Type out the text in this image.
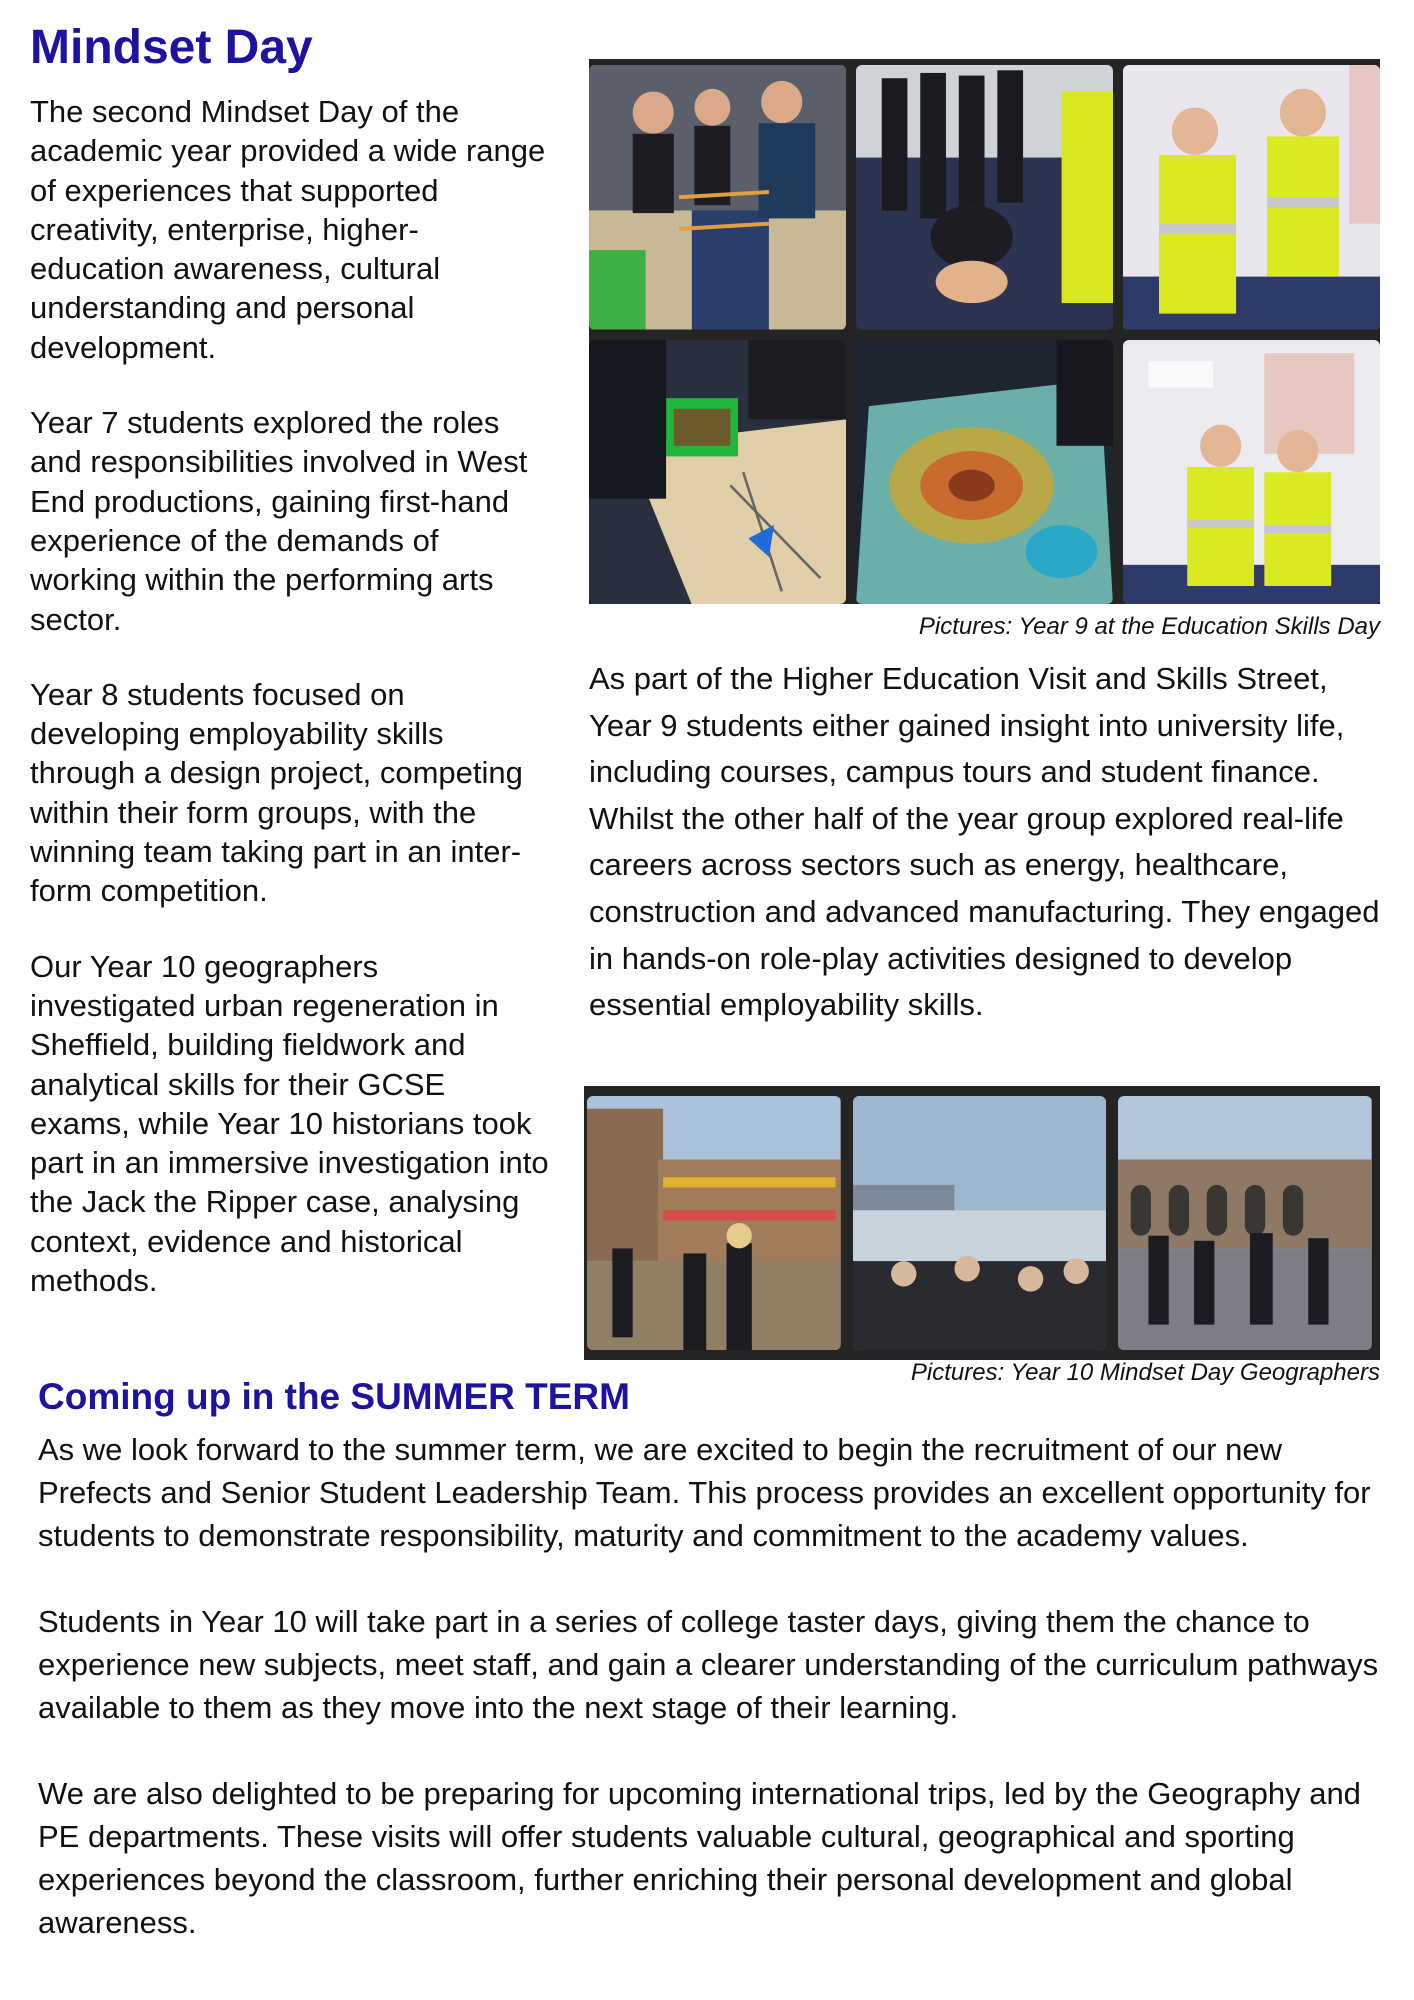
Mindset Day

The second Mindset Day of the academic year provided a wide range of experiences that supported creativity, enterprise, higher-education awareness, cultural understanding and personal development.

Year 7 students explored the roles and responsibilities involved in West End productions, gaining first-hand experience of the demands of working within the performing arts sector.

Year 8 students focused on developing employability skills through a design project, competing within their form groups, with the winning team taking part in an inter-form competition.

Our Year 10 geographers investigated urban regeneration in Sheffield, building fieldwork and analytical skills for their GCSE exams, while Year 10 historians took part in an immersive investigation into the Jack the Ripper case, analysing context, evidence and historical methods.

Pictures: Year 9 at the Education Skills Day

As part of the Higher Education Visit and Skills Street, Year 9 students either gained insight into university life, including courses, campus tours and student finance. Whilst the other half of the year group explored real-life careers across sectors such as energy, healthcare, construction and advanced manufacturing. They engaged in hands-on role-play activities designed to develop essential employability skills.

Pictures: Year 10 Mindset Day Geographers
Coming up in the SUMMER TERM

As we look forward to the summer term, we are excited to begin the recruitment of our new Prefects and Senior Student Leadership Team. This process provides an excellent opportunity for students to demonstrate responsibility, maturity and commitment to the academy values.

Students in Year 10 will take part in a series of college taster days, giving them the chance to experience new subjects, meet staff, and gain a clearer understanding of the curriculum pathways available to them as they move into the next stage of their learning.

We are also delighted to be preparing for upcoming international trips, led by the Geography and PE departments. These visits will offer students valuable cultural, geographical and sporting experiences beyond the classroom, further enriching their personal development and global awareness.
